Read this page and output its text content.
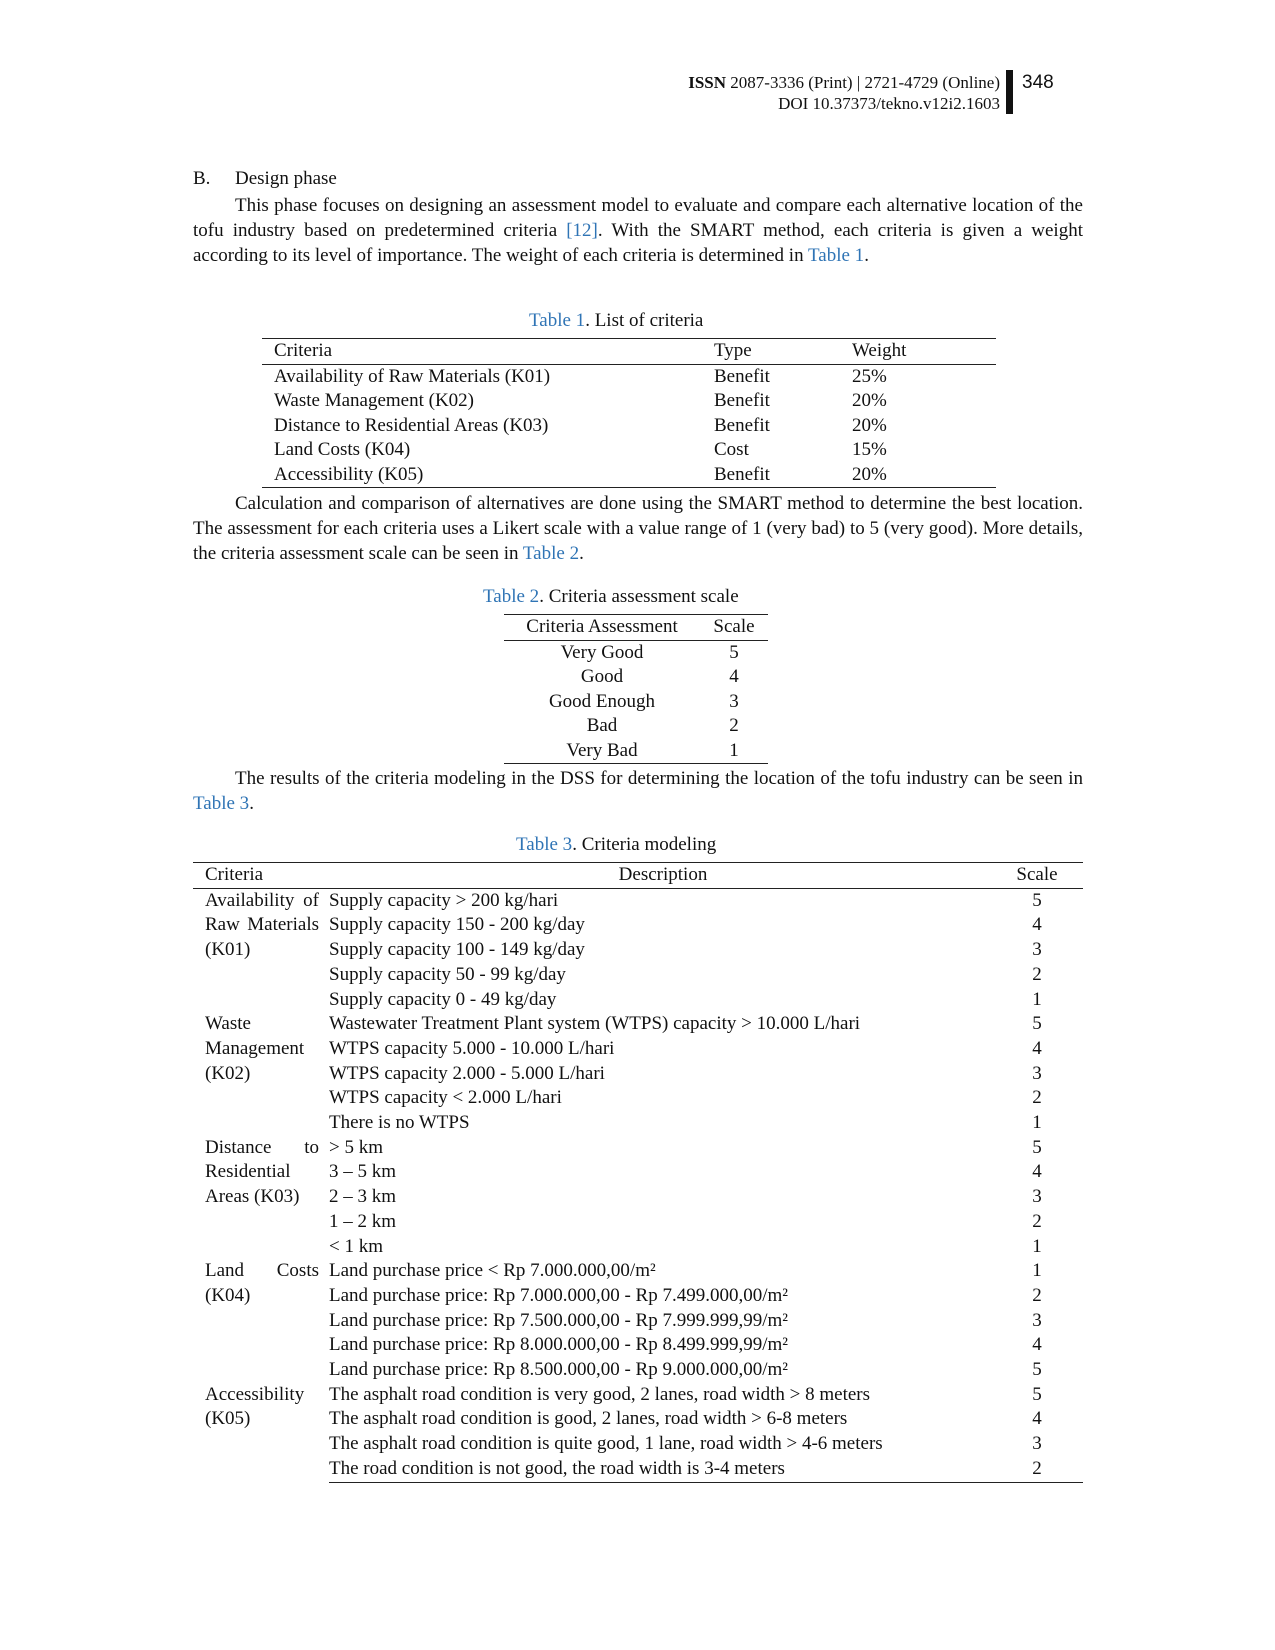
ISSN 2087-3336 (Print) | 2721-4729 (Online)
DOI 10.37373/tekno.v12i2.1603
348
B. Design phase
This phase focuses on designing an assessment model to evaluate and compare each alternative location of the tofu industry based on predetermined criteria [12]. With the SMART method, each criteria is given a weight according to its level of importance. The weight of each criteria is determined in Table 1.
Table 1. List of criteria
Criteria	Type	Weight
Availability of Raw Materials (K01)	Benefit	25%
Waste Management (K02)	Benefit	20%
Distance to Residential Areas (K03)	Benefit	20%
Land Costs (K04)	Cost	15%
Accessibility (K05)	Benefit	20%
Calculation and comparison of alternatives are done using the SMART method to determine the best location. The assessment for each criteria uses a Likert scale with a value range of 1 (very bad) to 5 (very good). More details, the criteria assessment scale can be seen in Table 2.
Table 2. Criteria assessment scale
Criteria Assessment	Scale
Very Good	5
Good	4
Good Enough	3
Bad	2
Very Bad	1
The results of the criteria modeling in the DSS for determining the location of the tofu industry can be seen in Table 3.
Table 3. Criteria modeling
Criteria	Description	Scale
Availability of Raw Materials (K01)	Supply capacity > 200 kg/hari	5
	Supply capacity 150 - 200 kg/day	4
	Supply capacity 100 - 149 kg/day	3
	Supply capacity 50 - 99 kg/day	2
	Supply capacity 0 - 49 kg/day	1
Waste Management (K02)	Wastewater Treatment Plant system (WTPS) capacity > 10.000 L/hari	5
	WTPS capacity 5.000 - 10.000 L/hari	4
	WTPS capacity 2.000 - 5.000 L/hari	3
	WTPS capacity < 2.000 L/hari	2
	There is no WTPS	1
Distance to Residential Areas (K03)	> 5 km	5
	3 – 5 km	4
	2 – 3 km	3
	1 – 2 km	2
	< 1 km	1
Land Costs (K04)	Land purchase price < Rp 7.000.000,00/m²	1
	Land purchase price: Rp 7.000.000,00 - Rp 7.499.000,00/m²	2
	Land purchase price: Rp 7.500.000,00 - Rp 7.999.999,99/m²	3
	Land purchase price: Rp 8.000.000,00 - Rp 8.499.999,99/m²	4
	Land purchase price: Rp 8.500.000,00 - Rp 9.000.000,00/m²	5
Accessibility (K05)	The asphalt road condition is very good, 2 lanes, road width > 8 meters	5
	The asphalt road condition is good, 2 lanes, road width > 6-8 meters	4
	The asphalt road condition is quite good, 1 lane, road width > 4-6 meters	3
	The road condition is not good, the road width is 3-4 meters	2
